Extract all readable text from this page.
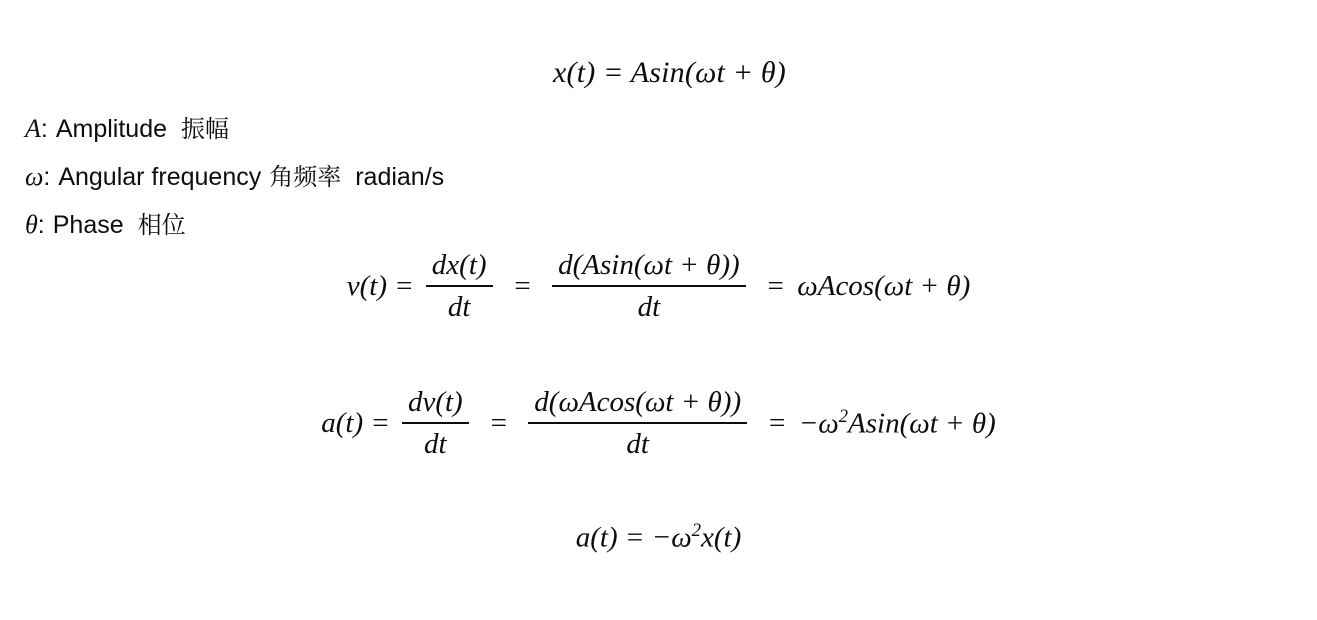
x(t) = Asin(ωt + θ)
A: Amplitude 振幅
ω: Angular frequency 角频率 radian/s
θ: Phase 相位
$v(t) = \frac{dx(t)}{dt} = \frac{d(Asin(\omega t + \theta))}{dt} = \omega Acos(\omega t + \theta)$
$a(t) = \frac{dv(t)}{dt} = \frac{d(\omega Acos(\omega t + \theta))}{dt} = -\omega^2Asin(\omega t + \theta)$
$a(t) = -\omega^2x(t)$
